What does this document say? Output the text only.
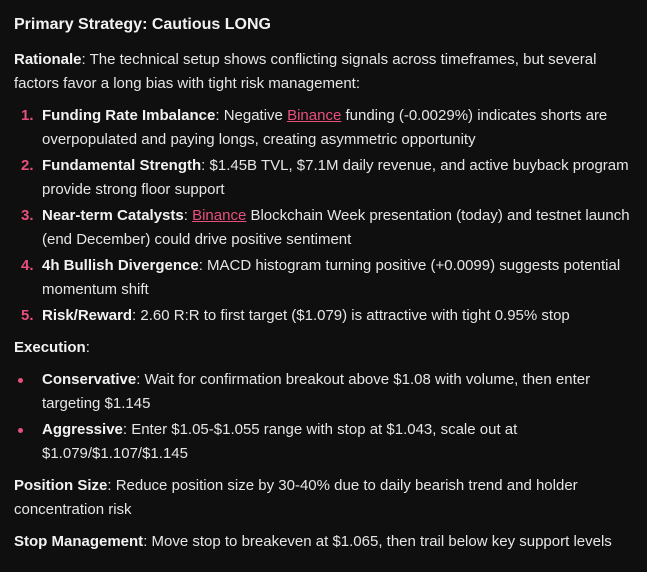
Primary Strategy: Cautious LONG

Rationale: The technical setup shows conflicting signals across timeframes, but several factors favor a long bias with tight risk management:

1. Funding Rate Imbalance: Negative Binance funding (-0.0029%) indicates shorts are overpopulated and paying longs, creating asymmetric opportunity
2. Fundamental Strength: $1.45B TVL, $7.1M daily revenue, and active buyback program provide strong floor support
3. Near-term Catalysts: Binance Blockchain Week presentation (today) and testnet launch (end December) could drive positive sentiment
4. 4h Bullish Divergence: MACD histogram turning positive (+0.0099) suggests potential momentum shift
5. Risk/Reward: 2.60 R:R to first target ($1.079) is attractive with tight 0.95% stop

Execution:

Conservative: Wait for confirmation breakout above $1.08 with volume, then enter targeting $1.145
Aggressive: Enter $1.05-$1.055 range with stop at $1.043, scale out at $1.079/$1.107/$1.145

Position Size: Reduce position size by 30-40% due to daily bearish trend and holder concentration risk

Stop Management: Move stop to breakeven at $1.065, then trail below key support levels
